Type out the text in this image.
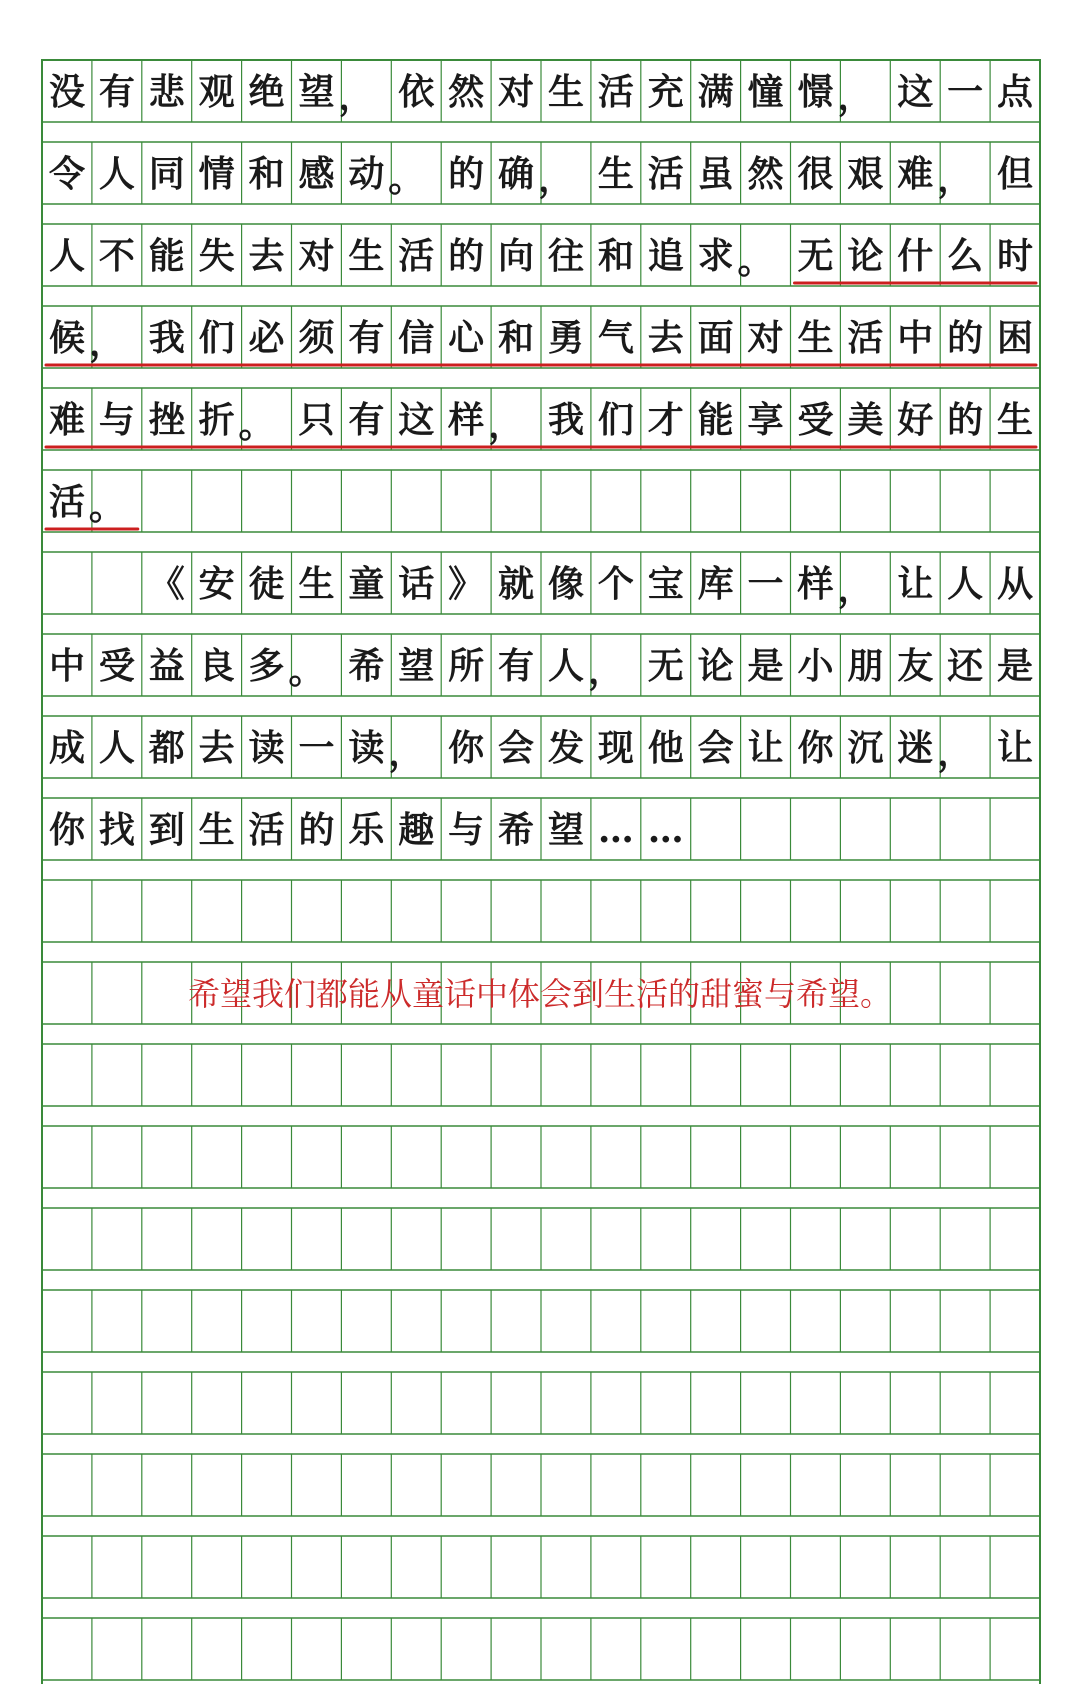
没 有 悲 观 绝 望 ， 依 然 对 生 活 充 满 憧 憬 ， 这 一 点
令 人 同 情 和 感 动 。 的 确 ， 生 活 虽 然 很 艰 难 ， 但
人 不 能 失 去 对 生 活 的 向 往 和 追 求 。 无 论 什 么 时
候 ， 我 们 必 须 有 信 心 和 勇 气 去 面 对 生 活 中 的 困
难 与 挫 折 。 只 有 这 样 ， 我 们 才 能 享 受 美 好 的 生
活 。
《 安 徒 生 童 话 》 就 像 个 宝 库 一 样 ， 让 人 从
中 受 益 良 多 。 希 望 所 有 人 ， 无 论 是 小 朋 友 还 是
成 人 都 去 读 一 读 ， 你 会 发 现 他 会 让 你 沉 迷 ， 让
你 找 到 生 活 的 乐 趣 与 希 望 … …
希望我们都能从童话中体会到生活的甜蜜与希望。
